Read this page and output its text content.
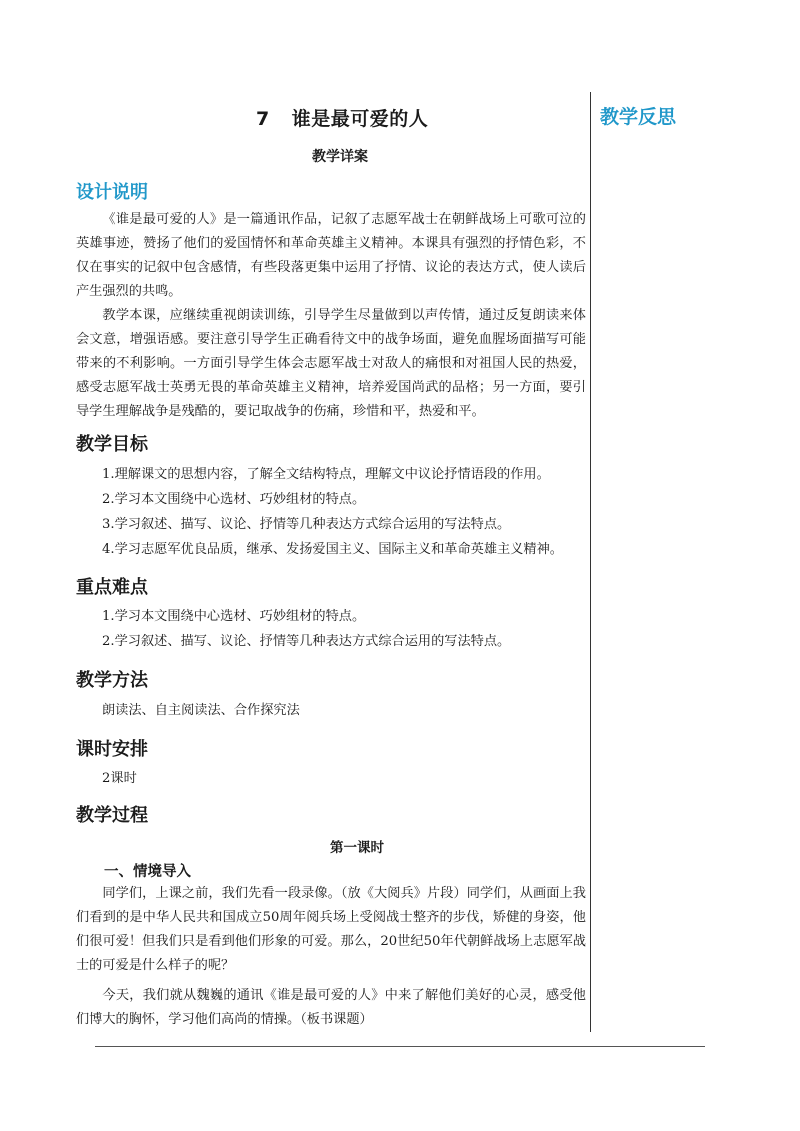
教学反思
7 谁是最可爱的人
教学详案
设计说明

《谁是最可爱的人》是一篇通讯作品，记叙了志愿军战士在朝鲜战场上可歌可泣的英雄事迹，赞扬了他们的爱国情怀和革命英雄主义精神。本课具有强烈的抒情色彩，不仅在事实的记叙中包含感情，有些段落更集中运用了抒情、议论的表达方式，使人读后产生强烈的共鸣。

教学本课，应继续重视朗读训练，引导学生尽量做到以声传情，通过反复朗读来体会文意，增强语感。要注意引导学生正确看待文中的战争场面，避免血腥场面描写可能带来的不利影响。一方面引导学生体会志愿军战士对敌人的痛恨和对祖国人民的热爱，感受志愿军战士英勇无畏的革命英雄主义精神，培养爱国尚武的品格；另一方面，要引导学生理解战争是残酷的，要记取战争的伤痛，珍惜和平，热爱和平。

教学目标
1.理解课文的思想内容，了解全文结构特点，理解文中议论抒情语段的作用。
2.学习本文围绕中心选材、巧妙组材的特点。
3.学习叙述、描写、议论、抒情等几种表达方式综合运用的写法特点。
4.学习志愿军优良品质，继承、发扬爱国主义、国际主义和革命英雄主义精神。
重点难点
1.学习本文围绕中心选材、巧妙组材的特点。
2.学习叙述、描写、议论、抒情等几种表达方式综合运用的写法特点。
教学方法
朗读法、自主阅读法、合作探究法
课时安排
2课时
教学过程
第一课时
一、情境导入

同学们，上课之前，我们先看一段录像。（放《大阅兵》片段）同学们，从画面上我们看到的是中华人民共和国成立50周年阅兵场上受阅战士整齐的步伐，矫健的身姿，他们很可爱！但我们只是看到他们形象的可爱。那么，20世纪50年代朝鲜战场上志愿军战士的可爱是什么样子的呢？

今天，我们就从魏巍的通讯《谁是最可爱的人》中来了解他们美好的心灵，感受他们博大的胸怀，学习他们高尚的情操。（板书课题）
